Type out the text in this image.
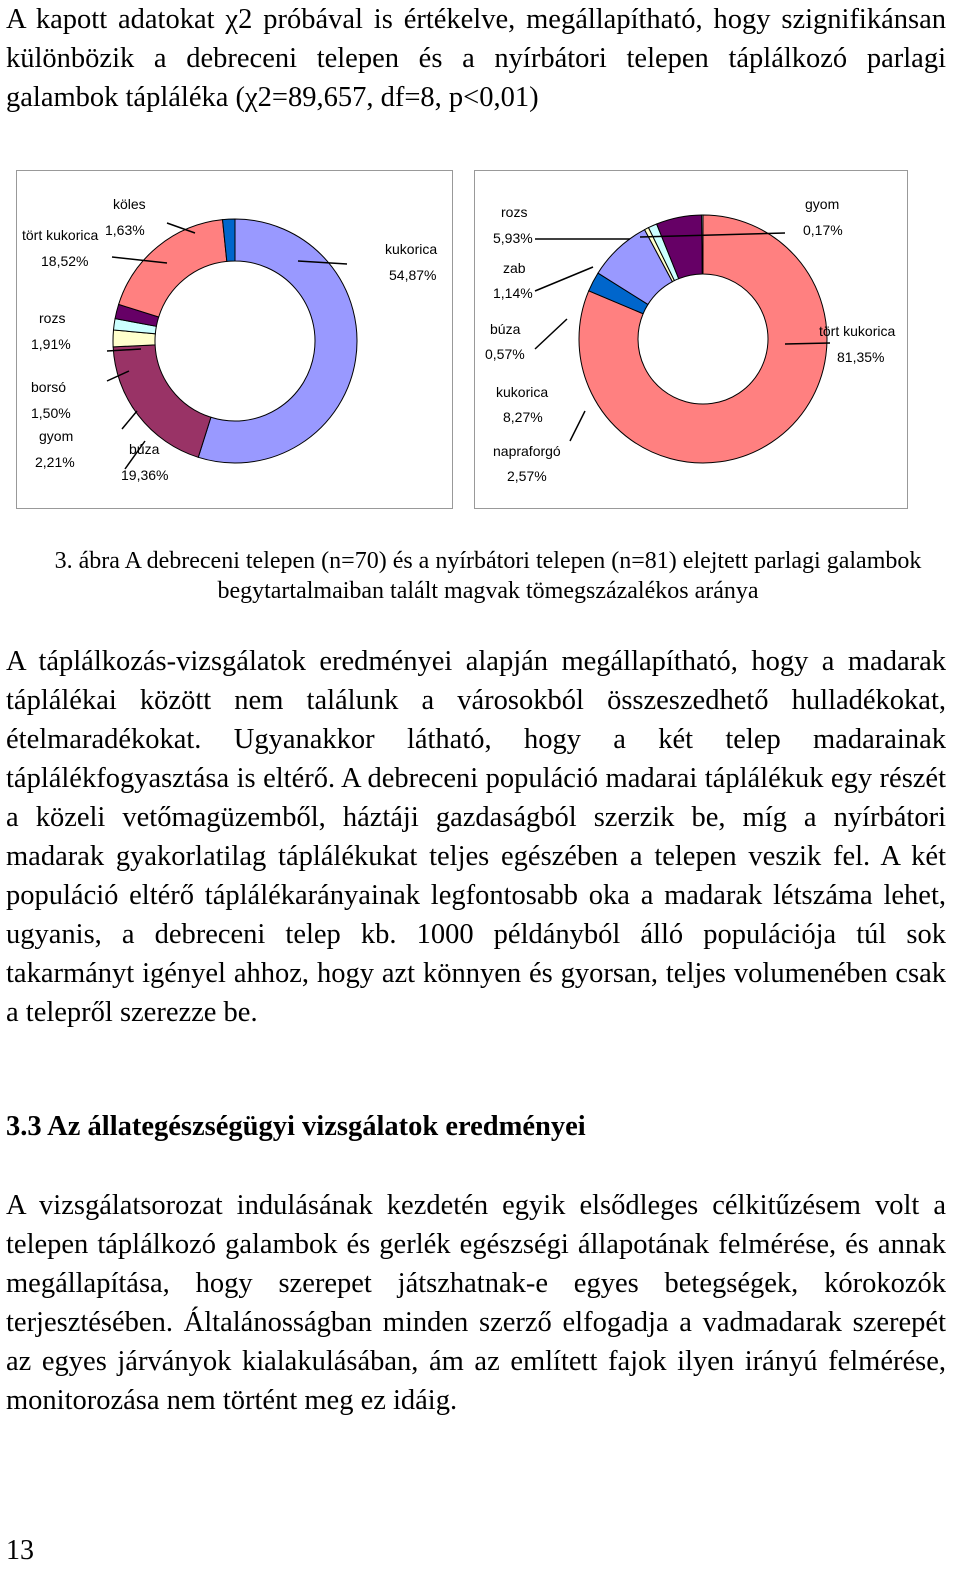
A kapott adatokat χ2 próbával is értékelve, megállapítható, hogy szignifikánsan különbözik a debreceni telepen és a nyírbátori telepen táplálkozó parlagi galambok tápláléka (χ2=89,657, df=8, p<0,01)

köles
1,63%
tört kukorica
18,52%
kukorica
54,87%
rozs
1,91%
borsó
1,50%
gyom
2,21%
búza
19,36%
rozs
5,93%
zab
1,14%
búza
0,57%
kukorica
8,27%
napraforgó
2,57%
gyom
0,17%
tört kukorica
81,35%

3. ábra A debreceni telepen (n=70) és a nyírbátori telepen (n=81) elejtett parlagi galambok begytartalmaiban talált magvak tömegszázalékos aránya

A táplálkozás-vizsgálatok eredményei alapján megállapítható, hogy a madarak táplálékai között nem találunk a városokból összeszedhető hulladékokat, ételmaradékokat. Ugyanakkor látható, hogy a két telep madarainak táplálékfogyasztása is eltérő. A debreceni populáció madarai táplálékuk egy részét a közeli vetőmagüzemből, háztáji gazdaságból szerzik be, míg a nyírbátori madarak gyakorlatilag táplálékukat teljes egészében a telepen veszik fel. A két populáció eltérő táplálékarányainak legfontosabb oka a madarak létszáma lehet, ugyanis, a debreceni telep kb. 1000 példányból álló populációja túl sok takarmányt igényel ahhoz, hogy azt könnyen és gyorsan, teljes volumenében csak a telepről szerezze be.

3.3 Az állategészségügyi vizsgálatok eredményei

A vizsgálatsorozat indulásának kezdetén egyik elsődleges célkitűzésem volt a telepen táplálkozó galambok és gerlék egészségi állapotának felmérése, és annak megállapítása, hogy szerepet játszhatnak-e egyes betegségek, kórokozók terjesztésében. Általánosságban minden szerző elfogadja a vadmadarak szerepét az egyes járványok kialakulásában, ám az említett fajok ilyen irányú felmérése, monitorozása nem történt meg ez idáig.

13
